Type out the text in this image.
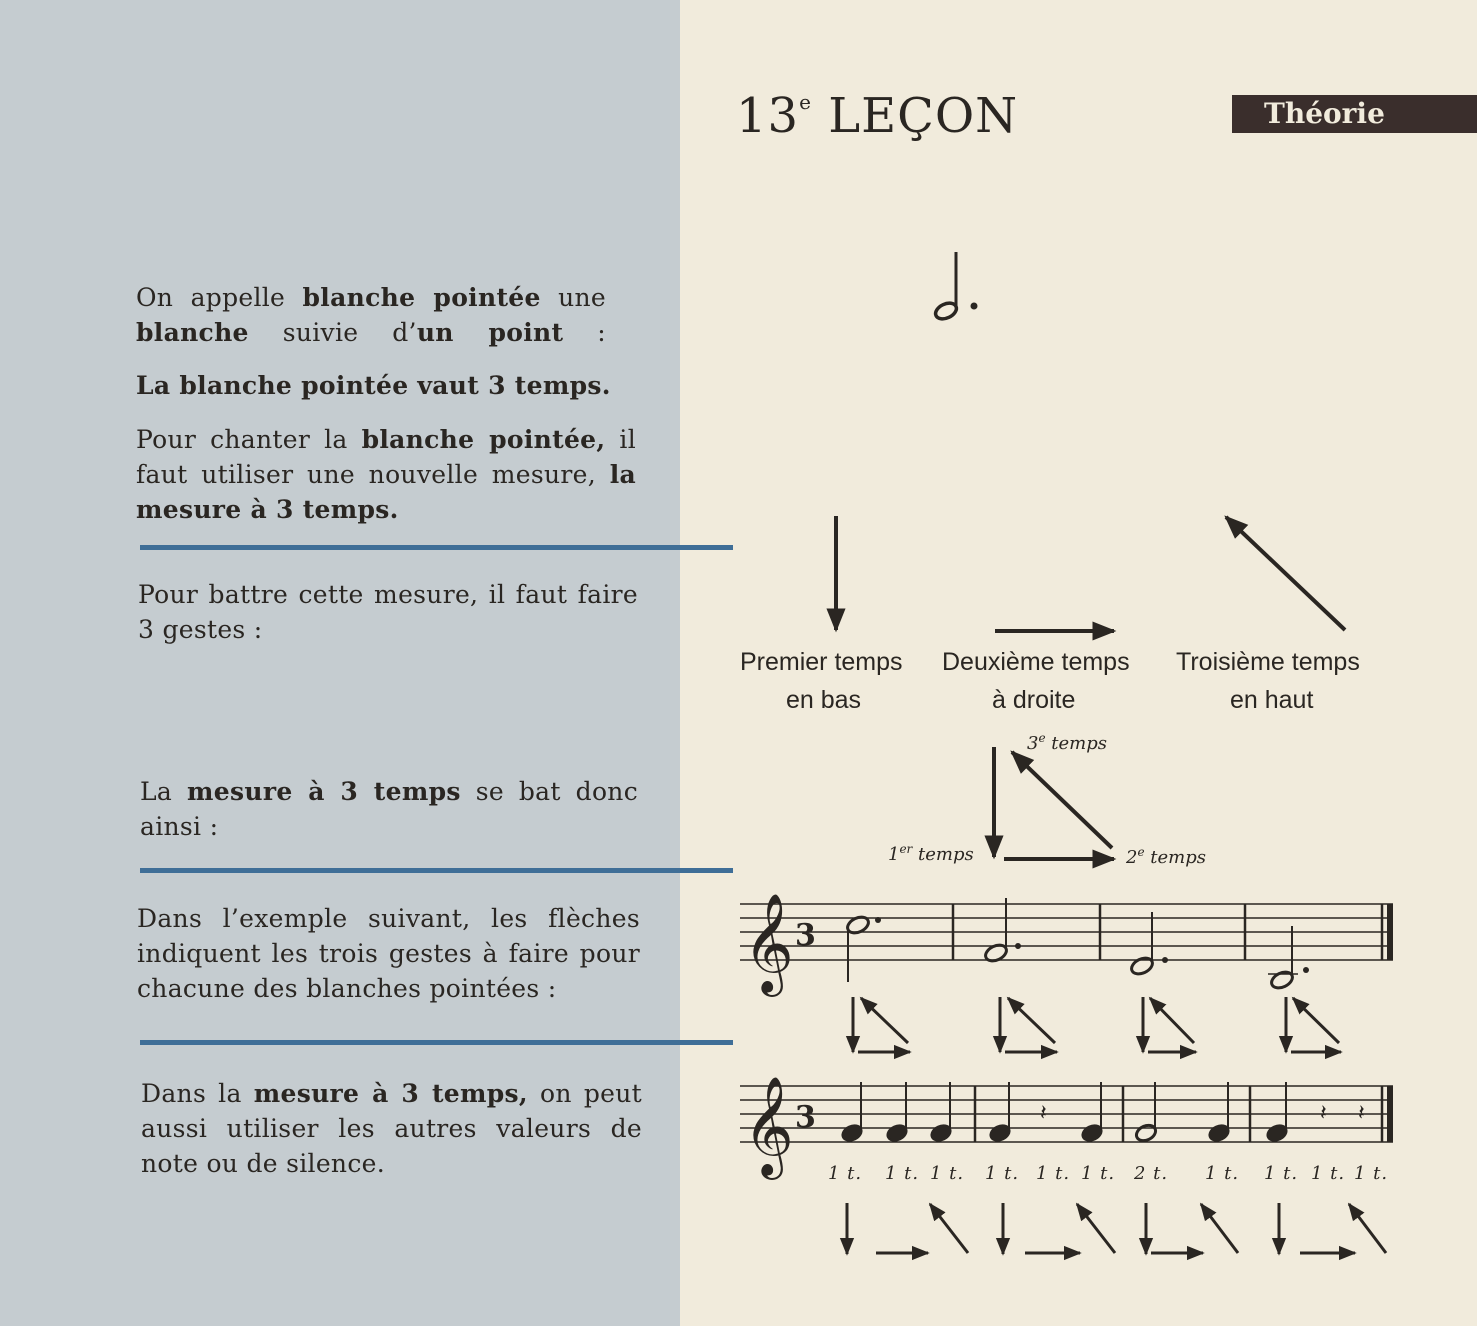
13e LEÇON	Théorie
On appelle blanche pointée une
blanche suivie d’un point :
La blanche pointée vaut 3 temps.
Pour chanter la blanche pointée, il faut utiliser une nouvelle mesure, la mesure à 3 temps.
Pour battre cette mesure, il faut faire 3 gestes :
La mesure à 3 temps se bat donc ainsi :
Dans l’exemple suivant, les flèches indiquent les trois gestes à faire pour chacune des blanches pointées :
Dans la mesure à 3 temps, on peut aussi utiliser les autres valeurs de note ou de silence.
Premier temps
en bas
Deuxième temps
à droite
Troisième temps
en haut
3e temps
1er temps	2e temps
𝄞 3
𝄞 3	𝄽	𝄽 𝄽
1 t. 1 t. 1 t. 1 t. 1 t. 1 t. 2 t. 1 t. 1 t. 1 t. 1 t.
